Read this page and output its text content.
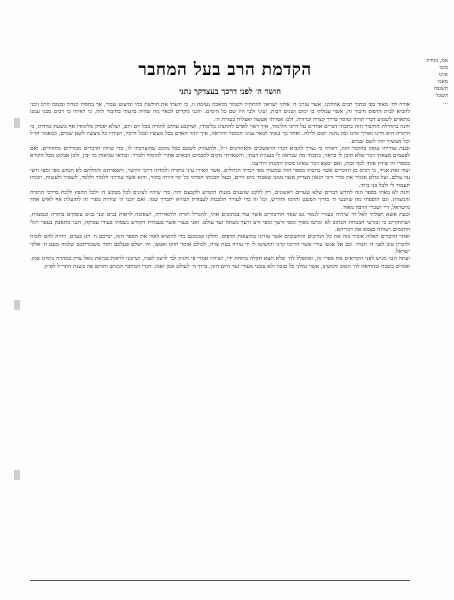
אמ, נקודה
מזמ׳
אזינו
מאמ׳
תשובה
השכל
...
הקדמת הרב בעל המחבר
חושר ה׳ לפני דרכך בעצדקך נתני

אודה לה׳ מאוד בפי ובתוך רבים אהללנו, אשר עזרני ה׳ אלקי ישראל להתחיל ולגמור מלאכה נעימה זו, כי ידעתי את חולשת כחי ומיעוט שכלי, אך בחסדו הגדול ובטובו הרב זיכני להביא לבית הדפוס חיבור זה, אשר עמלתי בו ימים ושנים רבות, ועיני ולבי היו שם כל הימים. והנני מקדים לבאר מה שהיה בדעתי בחיבור הזה, כי ראיתי כי רבים מבני עמנו מתאוים לשמוע דברי תורה ומוסר בדרך קצרה וברורה, ולכן אמרתי אעשה ואצליח בעזרת ה׳.

והנה בתחילת החיבור הזה כתבתי דברים אחדים על דרכי הלימוד, איך ראוי לאדם להתנהג בלימודו, ושיקבע עתים לתורה בכל יום ויום, ושלא יפסיק מלימודו אף בשעת טרדתו, כי התורה היא חיינו ואורך ימינו ובה נהגה יומם ולילה. ואחר כך באתי לבאר עניני המוסר והיראה, איך יזהר האדם בכל מעשיו ובכל דרכיו, ושיהיו כל מעשיו לשם שמים, כמאמר חז״ל וכל מעשיך יהיו לשם שמים.

ובעת שהייתי עוסק בחיבור הזה, ראיתי כי נצרך להביא דברי הראשונים והאחרונים ז״ל, ולהעתיק לשונם בכל מקום שהוצרכתי לו, כדי שיהיו הדברים מבוררים ומחוורים. ואם לפעמים מצאתי דבר שלא הובן לי כראוי, כתבתי מה שנראה לי בעניות דעתי, והשארתי מקום לחכמים הבאים אחרי להוסיף ולברר. ובודאי שגיאות מי יבין, ולכן אבקש מכל הקורא בספרי זה שידון אותי לכף זכות, ואם ימצא דבר שאינו מכוון יתקנהו ויודיעני.

ועוד זאת אגיד, כי רבים מן הדברים אשר כתבתי בספר הזה שמעתי מפי רבותי הגדולים, אשר האירו עיני בתורה ולמדוני דרכי היושר, ותפארתם ותהלתם לא תמוש מפי ומפי זרעי עד עולם. ועל כולם אזכיר את מורי ורבי הגאון הצדיק אשר ממנו שאבתי מים חיים, ובצל חכמתו חסיתי כל ימי היותי בחור, והוא אשר עוררני ללמוד וללמד, לשמור ולעשות, וזכותו תעמוד לי ולכל בני ביתי.

והנה לא באתי בספר הזה לחדש דברים שלא שערום ראשונים, רק ללקט שושנים מגנות הקודש ולקבצם יחד, כדי שיהיו לעינים לכל מבקש ה׳ ולכל החפץ ללכת בדרכי התורה והמצוות. וגם הוספתי מה שחננני ה׳ בדרך הפשט והרמז והדרש, וכל זה כדי לעורר הלבבות לעבודת הבורא יתברך שמו. ואם יזכני ה׳ שיהיה ספרי זה לתועלת אף לאיש אחד מישראל, דיי ושכרי הרבה מאוד.

וכעת אשא תפלתי לאל חי שיהיה בעזרי לגמור גם שאר החיבורים אשר עוד בכתובים אתי, להגדיל תורה ולהאדירה, ושאזכה לראות בנים ובני בנים עוסקים בתורה ובמצוות, ושתתקיים בי ובזרעי הבטחת הכתוב לא ימושו מפיך ומפי זרעך ומפי זרע זרעך מעתה ועד עולם. ואני בעניי אשר בעבודת הקודש נשמתי בעודי עסוקה, הנני מתאבק בעפר רגלי החכמים ושותה בצמא את דבריהם.

ואחר הדברים האלה אזכיר בזה את כל הנדיבים והחשובים אשר עזרוני בהוצאות הדפוס, וחלקו מממונם כדי להוציא לאור את הספר הזה, יברכם ה׳ ויגן בעדם, ויהיה להם לזכות ולזכרון טוב לפני ה׳ תמיד. וגם אל אנשי עירי אשר הרימו קרני והושיטו לי יד עזרה בעת צרה, לכולם אומר חזקו ואמצו, וה׳ ישלם פעלכם ותהי משכורתכם שלמה מעם ה׳ אלקי ישראל.

ועתה הנני מגיש לפני הקוראים את ספרי זה, ואתפלל לה׳ שלא תצא תקלה מתחת ידי, ושיהיו אמרי פי והגיון לבי לרצון לפניו, ושיזכני לראות בביאת גואל צדק במהרה בימינו אמן. ואסיים בשבח ובהודאה לה׳ הטוב והמטיב, אשר גמלני כל טובה ולא עזבני מעודי ועד היום הזה, ברוך ה׳ לעולם אמן ואמן. דברי המחבר הכותב וחותם פה בשנת התר״ל לפ״ק.
